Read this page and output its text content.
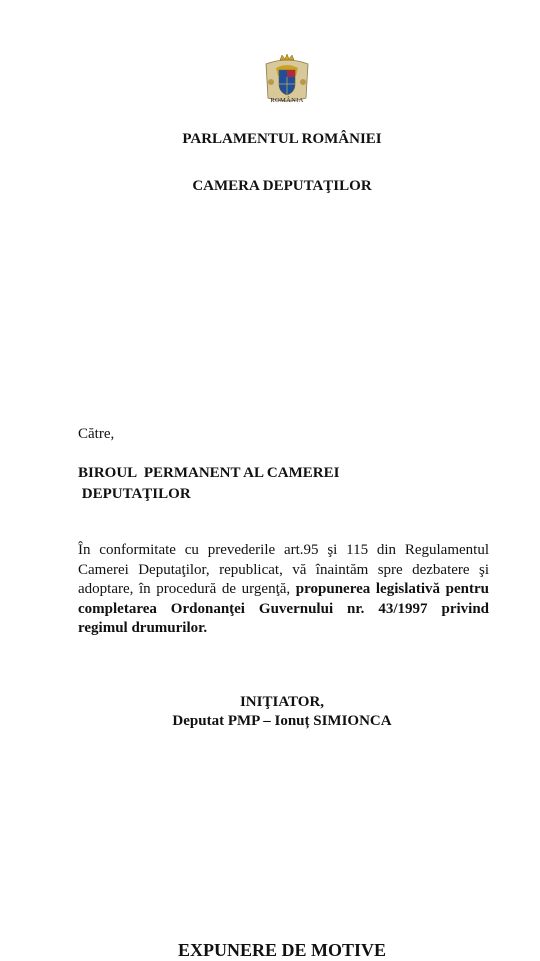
ROMÂNIA
PARLAMENTUL ROMÂNIEI
CAMERA DEPUTAŢILOR
Către,
BIROUL  PERMANENT AL CAMEREI
DEPUTAŢILOR
În conformitate cu prevederile art.95 şi 115 din Regulamentul Camerei Deputaţilor, republicat, vă înaintăm spre dezbatere şi adoptare, în procedură de urgenţă, propunerea legislativă pentru completarea Ordonanţei Guvernului nr. 43/1997 privind regimul drumurilor.
INIŢIATOR,
Deputat PMP – Ionuț SIMIONCA
EXPUNERE DE MOTIVE
